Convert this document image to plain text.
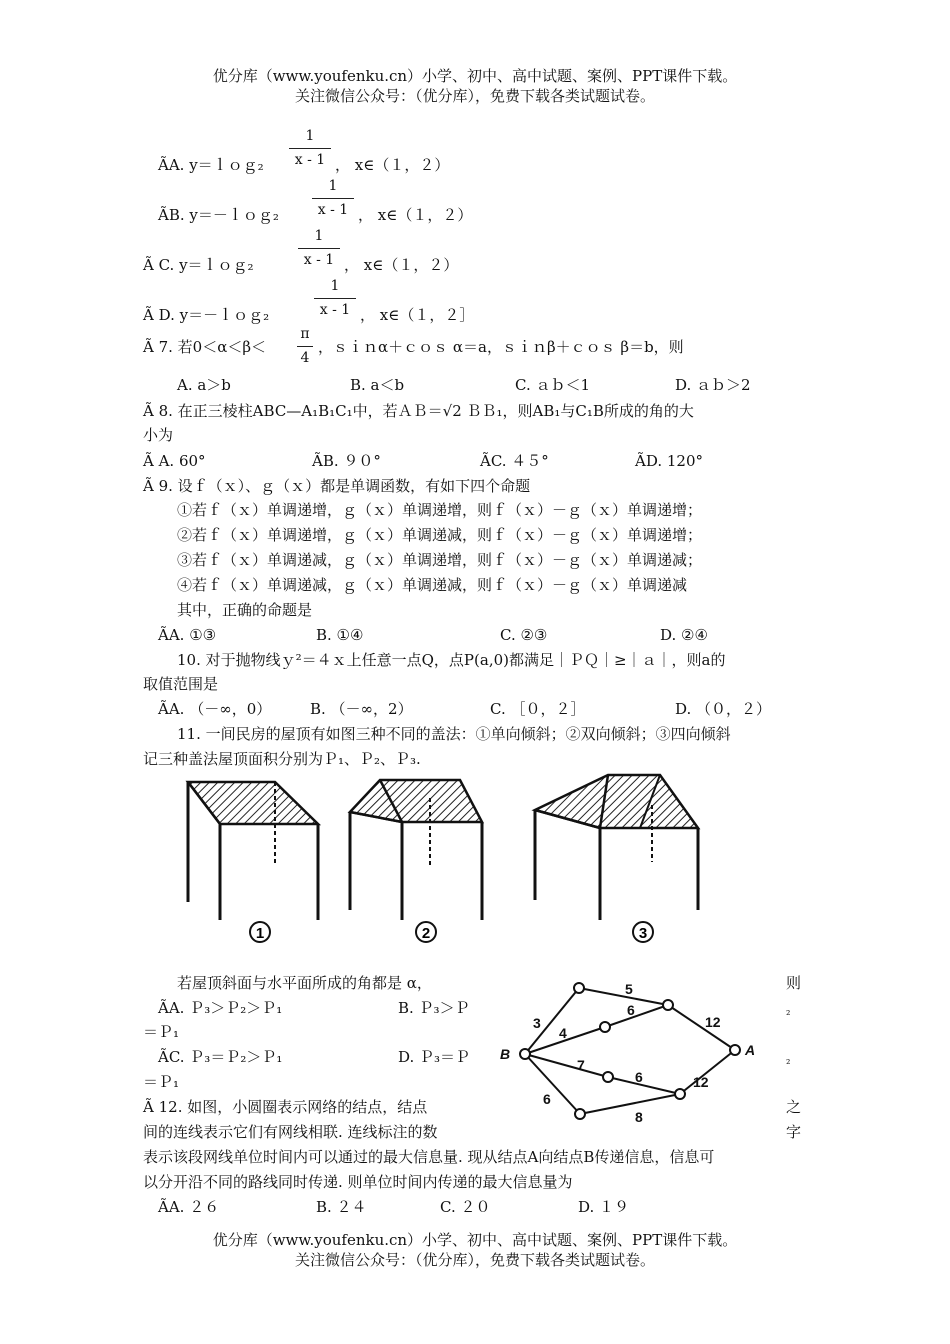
优分库（www.youfenku.cn）小学、初中、高中试题、案例、PPT课件下载。
关注微信公众号：（优分库），免费下载各类试题试卷。
1
x - 1
ÃA. y＝ｌｏｇ₂	， x∈（１，２）
1
x - 1
ÃB. y＝－ｌｏｇ₂	， x∈（１，２）
1
x - 1
Ã C. y＝ｌｏｇ₂	， x∈（１，２）
1
x - 1
Ã D. y＝－ｌｏｇ₂	， x∈（１，２］
Ã 7. 若0＜α＜β＜
π
4
，ｓｉｎα＋ｃｏｓ α＝a，ｓｉｎβ＋ｃｏｓ β＝b，则
A. a＞b	B. a＜b	C. ａｂ＜1	D. ａｂ＞2
Ã 8. 在正三棱柱ABC—A₁B₁C₁中，若ＡＢ＝√2 ＢＢ₁，则AB₁与C₁B所成的角的大
小为
Ã A. 60°	ÃB. ９０°	ÃC. ４５°	ÃD. 120°
Ã 9. 设ｆ（ｘ）、ｇ（ｘ）都是单调函数，有如下四个命题
①若ｆ（ｘ）单调递增，ｇ（ｘ）单调递增，则ｆ（ｘ）－ｇ（ｘ）单调递增；
②若ｆ（ｘ）单调递增，ｇ（ｘ）单调递减，则ｆ（ｘ）－ｇ（ｘ）单调递增；
③若ｆ（ｘ）单调递减，ｇ（ｘ）单调递增，则ｆ（ｘ）－ｇ（ｘ）单调递减；
④若ｆ（ｘ）单调递减，ｇ（ｘ）单调递减，则ｆ（ｘ）－ｇ（ｘ）单调递减
其中，正确的命题是
ÃA. ①③	B. ①④	C. ②③	D. ②④
10. 对于抛物线ｙ²＝４ｘ上任意一点Q，点P(a,0)都满足｜ＰＱ｜≥｜ａ｜，则a的
取值范围是
ÃA. （－∞，0）	B. （－∞，2）	C. ［０，２］	D. （０，２）
11. 一间民房的屋顶有如图三种不同的盖法：①单向倾斜；②双向倾斜；③四向倾斜
记三种盖法屋顶面积分别为Ｐ₁、Ｐ₂、Ｐ₃.
1	2	3
若屋顶斜面与水平面所成的角都是 α，	则
ÃA. Ｐ₃＞Ｐ₂＞Ｐ₁	B. Ｐ₃＞Ｐ	₂
＝Ｐ₁
ÃC. Ｐ₃＝Ｐ₂＞Ｐ₁	D. Ｐ₃＝Ｐ	₂
＝Ｐ₁
B	A
5
3
6
4
12
7
6	12
6
8
Ã 12. 如图，小圆圈表示网络的结点，结点	之
间的连线表示它们有网线相联. 连线标注的数	字
表示该段网线单位时间内可以通过的最大信息量. 现从结点A向结点B传递信息，信息可
以分开沿不同的路线同时传递. 则单位时间内传递的最大信息量为
ÃA. ２６	B. ２４	C. ２０	D. １９
优分库（www.youfenku.cn）小学、初中、高中试题、案例、PPT课件下载。
关注微信公众号：（优分库），免费下载各类试题试卷。
